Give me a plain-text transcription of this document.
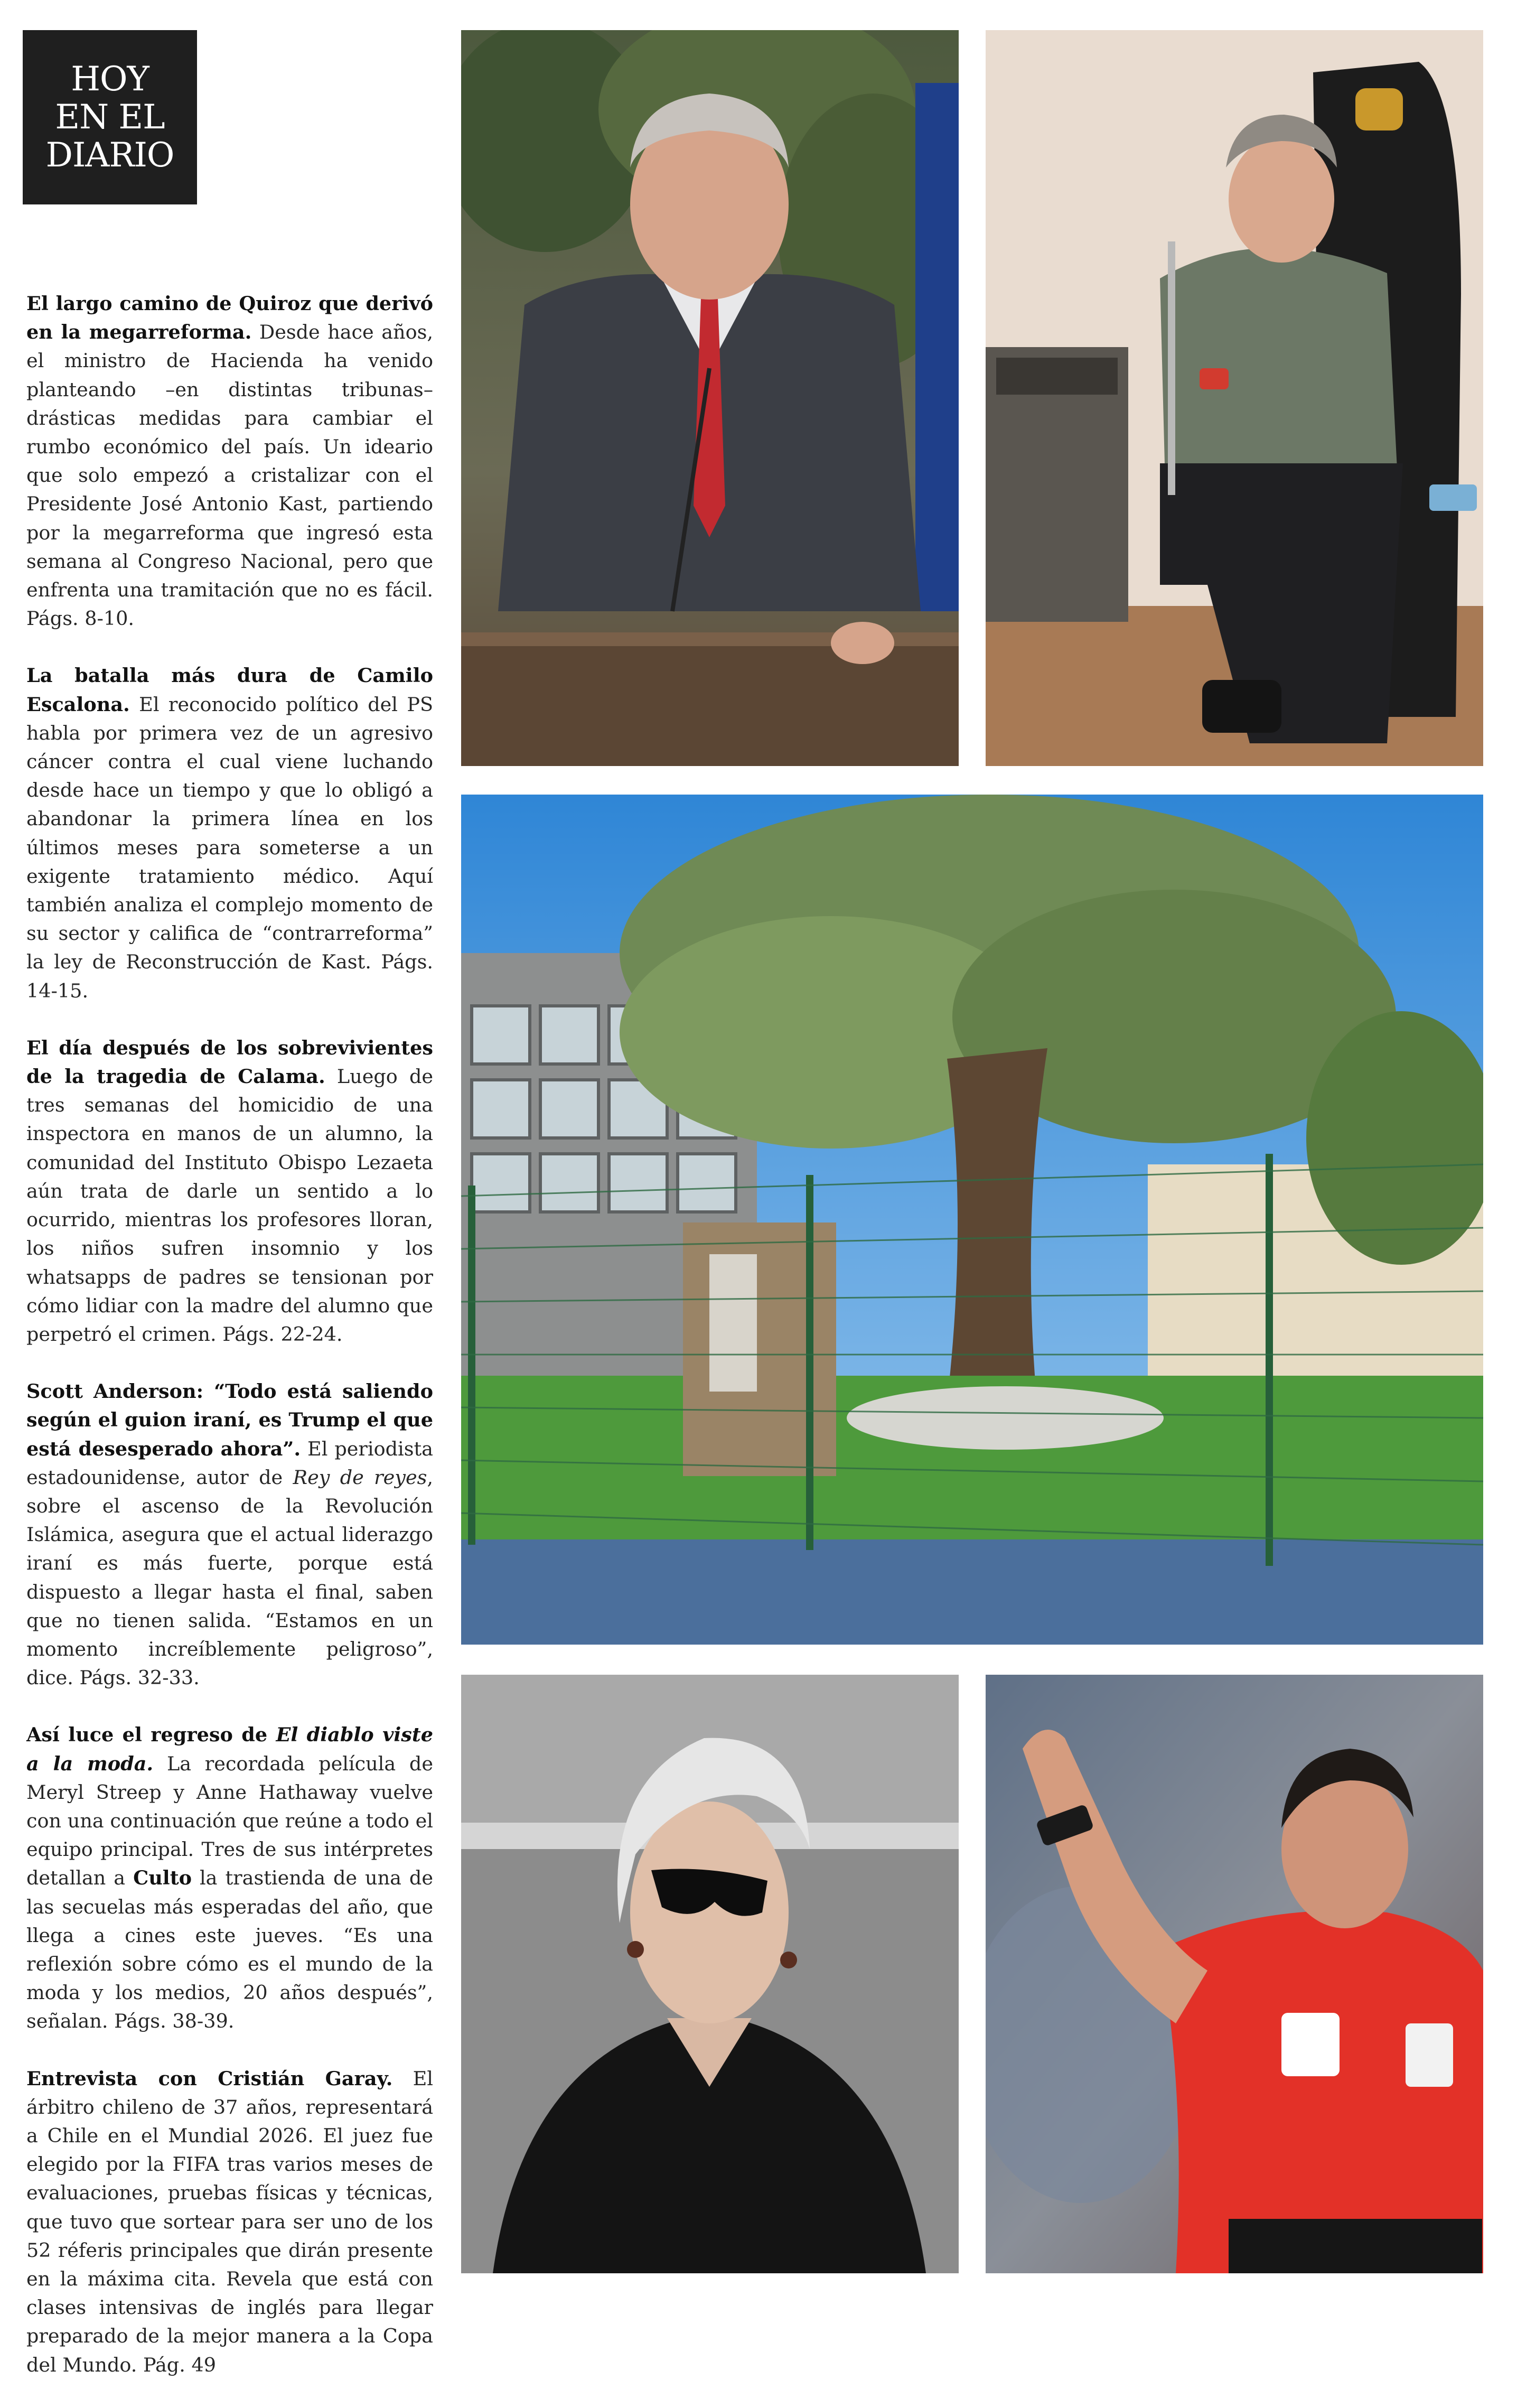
HOY
EN EL
DIARIO

El largo camino de Quiroz que derivó en la megarreforma. Desde hace años, el ministro de Hacienda ha venido planteando –en distintas tribunas– drásticas medidas para cambiar el rumbo económico del país. Un ideario que solo empezó a cristalizar con el Presidente José Antonio Kast, partiendo por la megarreforma que ingresó esta semana al Congreso Nacional, pero que enfrenta una tramitación que no es fácil. Págs. 8-10.

La batalla más dura de Camilo Escalona. El reconocido político del PS habla por primera vez de un agresivo cáncer contra el cual viene luchando desde hace un tiempo y que lo obligó a abandonar la primera línea en los últimos meses para someterse a un exigente tratamiento médico. Aquí también analiza el complejo momento de su sector y califica de “contrarreforma” la ley de Reconstrucción de Kast. Págs. 14-15.

El día después de los sobrevivientes de la tragedia de Calama. Luego de tres semanas del homicidio de una inspectora en manos de un alumno, la comunidad del Instituto Obispo Lezaeta aún trata de darle un sentido a lo ocurrido, mientras los profesores lloran, los niños sufren insomnio y los whatsapps de padres se tensionan por cómo lidiar con la madre del alumno que perpetró el crimen. Págs. 22-24.

Scott Anderson: “Todo está saliendo según el guion iraní, es Trump el que está desesperado ahora”. El periodista estadounidense, autor de Rey de reyes, sobre el ascenso de la Revolución Islámica, asegura que el actual liderazgo iraní es más fuerte, porque está dispuesto a llegar hasta el final, saben que no tienen salida. “Estamos en un momento increíblemente peligroso”, dice. Págs. 32-33.

Así luce el regreso de El diablo viste a la moda. La recordada película de Meryl Streep y Anne Hathaway vuelve con una continuación que reúne a todo el equipo principal. Tres de sus intérpretes detallan a Culto la trastienda de una de las secuelas más esperadas del año, que llega a cines este jueves. “Es una reflexión sobre cómo es el mundo de la moda y los medios, 20 años después”, señalan. Págs. 38-39.

Entrevista con Cristián Garay. El árbitro chileno de 37 años, representará a Chile en el Mundial 2026. El juez fue elegido por la FIFA tras varios meses de evaluaciones, pruebas físicas y técnicas, que tuvo que sortear para ser uno de los 52 réferis principales que dirán presente en la máxima cita. Revela que está con clases intensivas de inglés para llegar preparado de la mejor manera a la Copa del Mundo. Pág. 49
